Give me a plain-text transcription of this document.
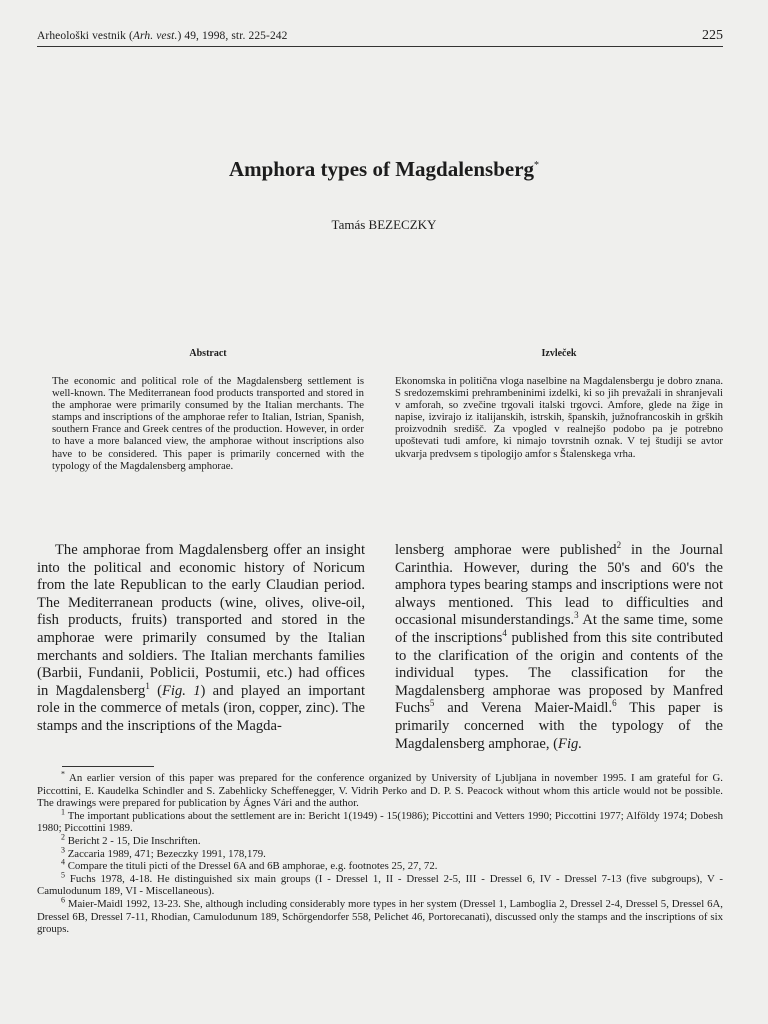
Arheološki vestnik (Arh. vest.) 49, 1998, str. 225-242	225
Amphora types of Magdalensberg*
Tamás BEZECZKY
Abstract
The economic and political role of the Magdalensberg settlement is well-known. The Mediterranean food products transported and stored in the amphorae were primarily consumed by the Italian merchants. The stamps and inscriptions of the amphorae refer to Italian, Istrian, Spanish, southern France and Greek centres of the production. However, in order to have a more balanced view, the amphorae without inscriptions also have to be considered. This paper is primarily concerned with the typology of the Magdalensberg amphorae.
Izvleček
Ekonomska in politična vloga naselbine na Magdalensbergu je dobro znana. S sredozemskimi prehrambeninimi izdelki, ki so jih prevažali in shranjevali v amforah, so zvečine trgovali italski trgovci. Amfore, glede na žige in napise, izvirajo iz italijanskih, istrskih, španskih, južnofrancoskih in grških proizvodnih središč. Za vpogled v realnejšo podobo pa je potrebno upoštevati tudi amfore, ki nimajo tovrstnih oznak. V tej študiji se avtor ukvarja predvsem s tipologijo amfor s Štalenskega vrha.
The amphorae from Magdalensberg offer an insight into the political and economic history of Noricum from the late Republican to the early Claudian period. The Mediterranean products (wine, olives, olive-oil, fish products, fruits) transported and stored in the amphorae were primarily consumed by the Italian merchants and soldiers. The Italian merchants families (Barbii, Fundanii, Poblicii, Postumii, etc.) had offices in Magdalensberg$^1$ (Fig. 1) and played an important role in the commerce of metals (iron, copper, zinc). The stamps and the inscriptions of the Magda-
lensberg amphorae were published$^2$ in the Journal Carinthia. However, during the 50's and 60's the amphora types bearing stamps and inscriptions were not always mentioned. This lead to difficulties and occasional misunderstandings.$^3$ At the same time, some of the inscriptions$^4$ published from this site contributed to the clarification of the origin and contents of the individual types. The classification for the Magdalensberg amphorae was proposed by Manfred Fuchs$^5$ and Verena Maier-Maidl.$^6$ This paper is primarily concerned with the typology of the Magdalensberg amphorae, (Fig.

* An earlier version of this paper was prepared for the conference organized by University of Ljubljana in november 1995. I am grateful for G. Piccottini, E. Kaudelka Schindler and S. Zabehlicky Scheffenegger, V. Vidrih Perko and D. P. S. Peacock without whom this article would not be possible. The drawings were prepared for publication by Ágnes Vári and the author.

$^1$ The important publications about the settlement are in: Bericht 1(1949) - 15(1986); Piccottini and Vetters 1990; Piccottini 1977; Alföldy 1974; Dobesh 1980; Piccottini 1989.

$^2$ Bericht 2 - 15, Die Inschriften.

$^3$ Zaccaria 1989, 471; Bezeczky 1991, 178,179.

$^4$ Compare the tituli picti of the Dressel 6A and 6B amphorae, e.g. footnotes 25, 27, 72.

$^5$ Fuchs 1978, 4-18. He distinguished six main groups (I - Dressel 1, II - Dressel 2-5, III - Dressel 6, IV - Dressel 7-13 (five subgroups), V - Camulodunum 189, VI - Miscellaneous).

$^6$ Maier-Maidl 1992, 13-23. She, although including considerably more types in her system (Dressel 1, Lamboglia 2, Dressel 2-4, Dressel 5, Dressel 6A, Dressel 6B, Dressel 7-11, Rhodian, Camulodunum 189, Schörgendorfer 558, Pelichet 46, Portorecanati), discussed only the stamps and the inscriptions of six groups.
